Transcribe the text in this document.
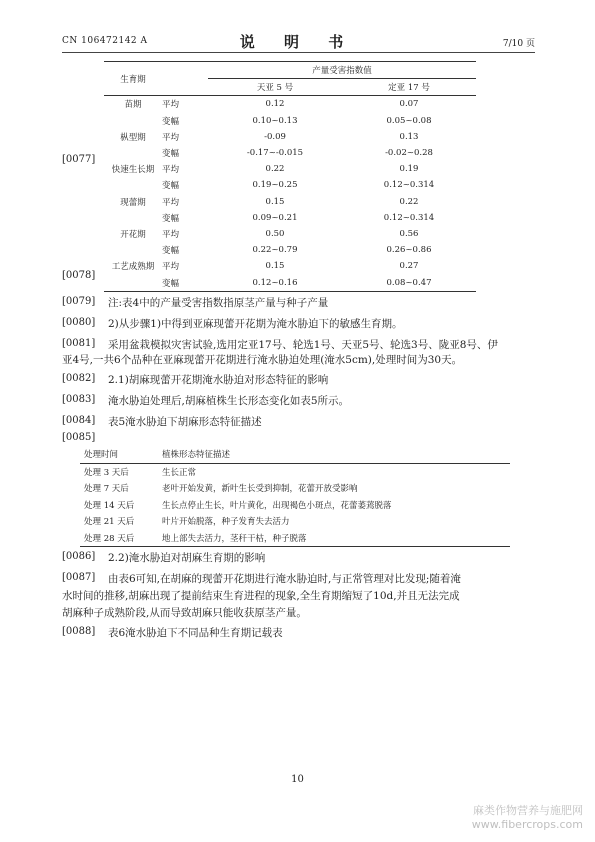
CN 106472142 A	说 明 书	7/10 页
生育期		产量受害指数值	
		天亚 5 号	定亚 17 号
苗期	平均	0.12	0.07
	变幅	0.10~0.13	0.05~0.08
枞型期	平均	-0.09	0.13
	变幅	-0.17~-0.015	-0.02~0.28
快速生长期	平均	0.22	0.19
	变幅	0.19~0.25	0.12~0.314
现蕾期	平均	0.15	0.22
	变幅	0.09~0.21	0.12~0.314
开花期	平均	0.50	0.56
	变幅	0.22~0.79	0.26~0.86
工艺成熟期	平均	0.15	0.27
	变幅	0.12~0.16	0.08~0.47
[0077]
[0078]
[0079] 注:表4中的产量受害指数指原茎产量与种子产量
[0080] 2)从步骤1)中得到亚麻现蕾开花期为淹水胁迫下的敏感生育期。
[0081] 采用盆栽模拟灾害试验,选用定亚17号、轮选1号、天亚5号、轮选3号、陇亚8号、伊
亚4号,一共6个品种在亚麻现蕾开花期进行淹水胁迫处理(淹水5cm),处理时间为30天。
[0082] 2.1)胡麻现蕾开花期淹水胁迫对形态特征的影响
[0083] 淹水胁迫处理后,胡麻植株生长形态变化如表5所示。
[0084] 表5淹水胁迫下胡麻形态特征描述
[0085]
处理时间	植株形态特征描述
处理 3 天后	生长正常
处理 7 天后	老叶开始发黄，新叶生长受到抑制，花蕾开放受影响
处理 14 天后	生长点停止生长，叶片黄化，出现褐色小斑点，花蕾萎蔫脱落
处理 21 天后	叶片开始脱落，种子发育失去活力
处理 28 天后	地上部失去活力，茎秆干枯，种子脱落
[0086] 2.2)淹水胁迫对胡麻生育期的影响
[0087] 由表6可知,在胡麻的现蕾开花期进行淹水胁迫时,与正常管理对比发现;随着淹
水时间的推移,胡麻出现了提前结束生育进程的现象,全生育期缩短了10d,并且无法完成
胡麻种子成熟阶段,从而导致胡麻只能收获原茎产量。
[0088] 表6淹水胁迫下不同品种生育期记载表
10
麻类作物营养与施肥网
www.fibercrops.com
